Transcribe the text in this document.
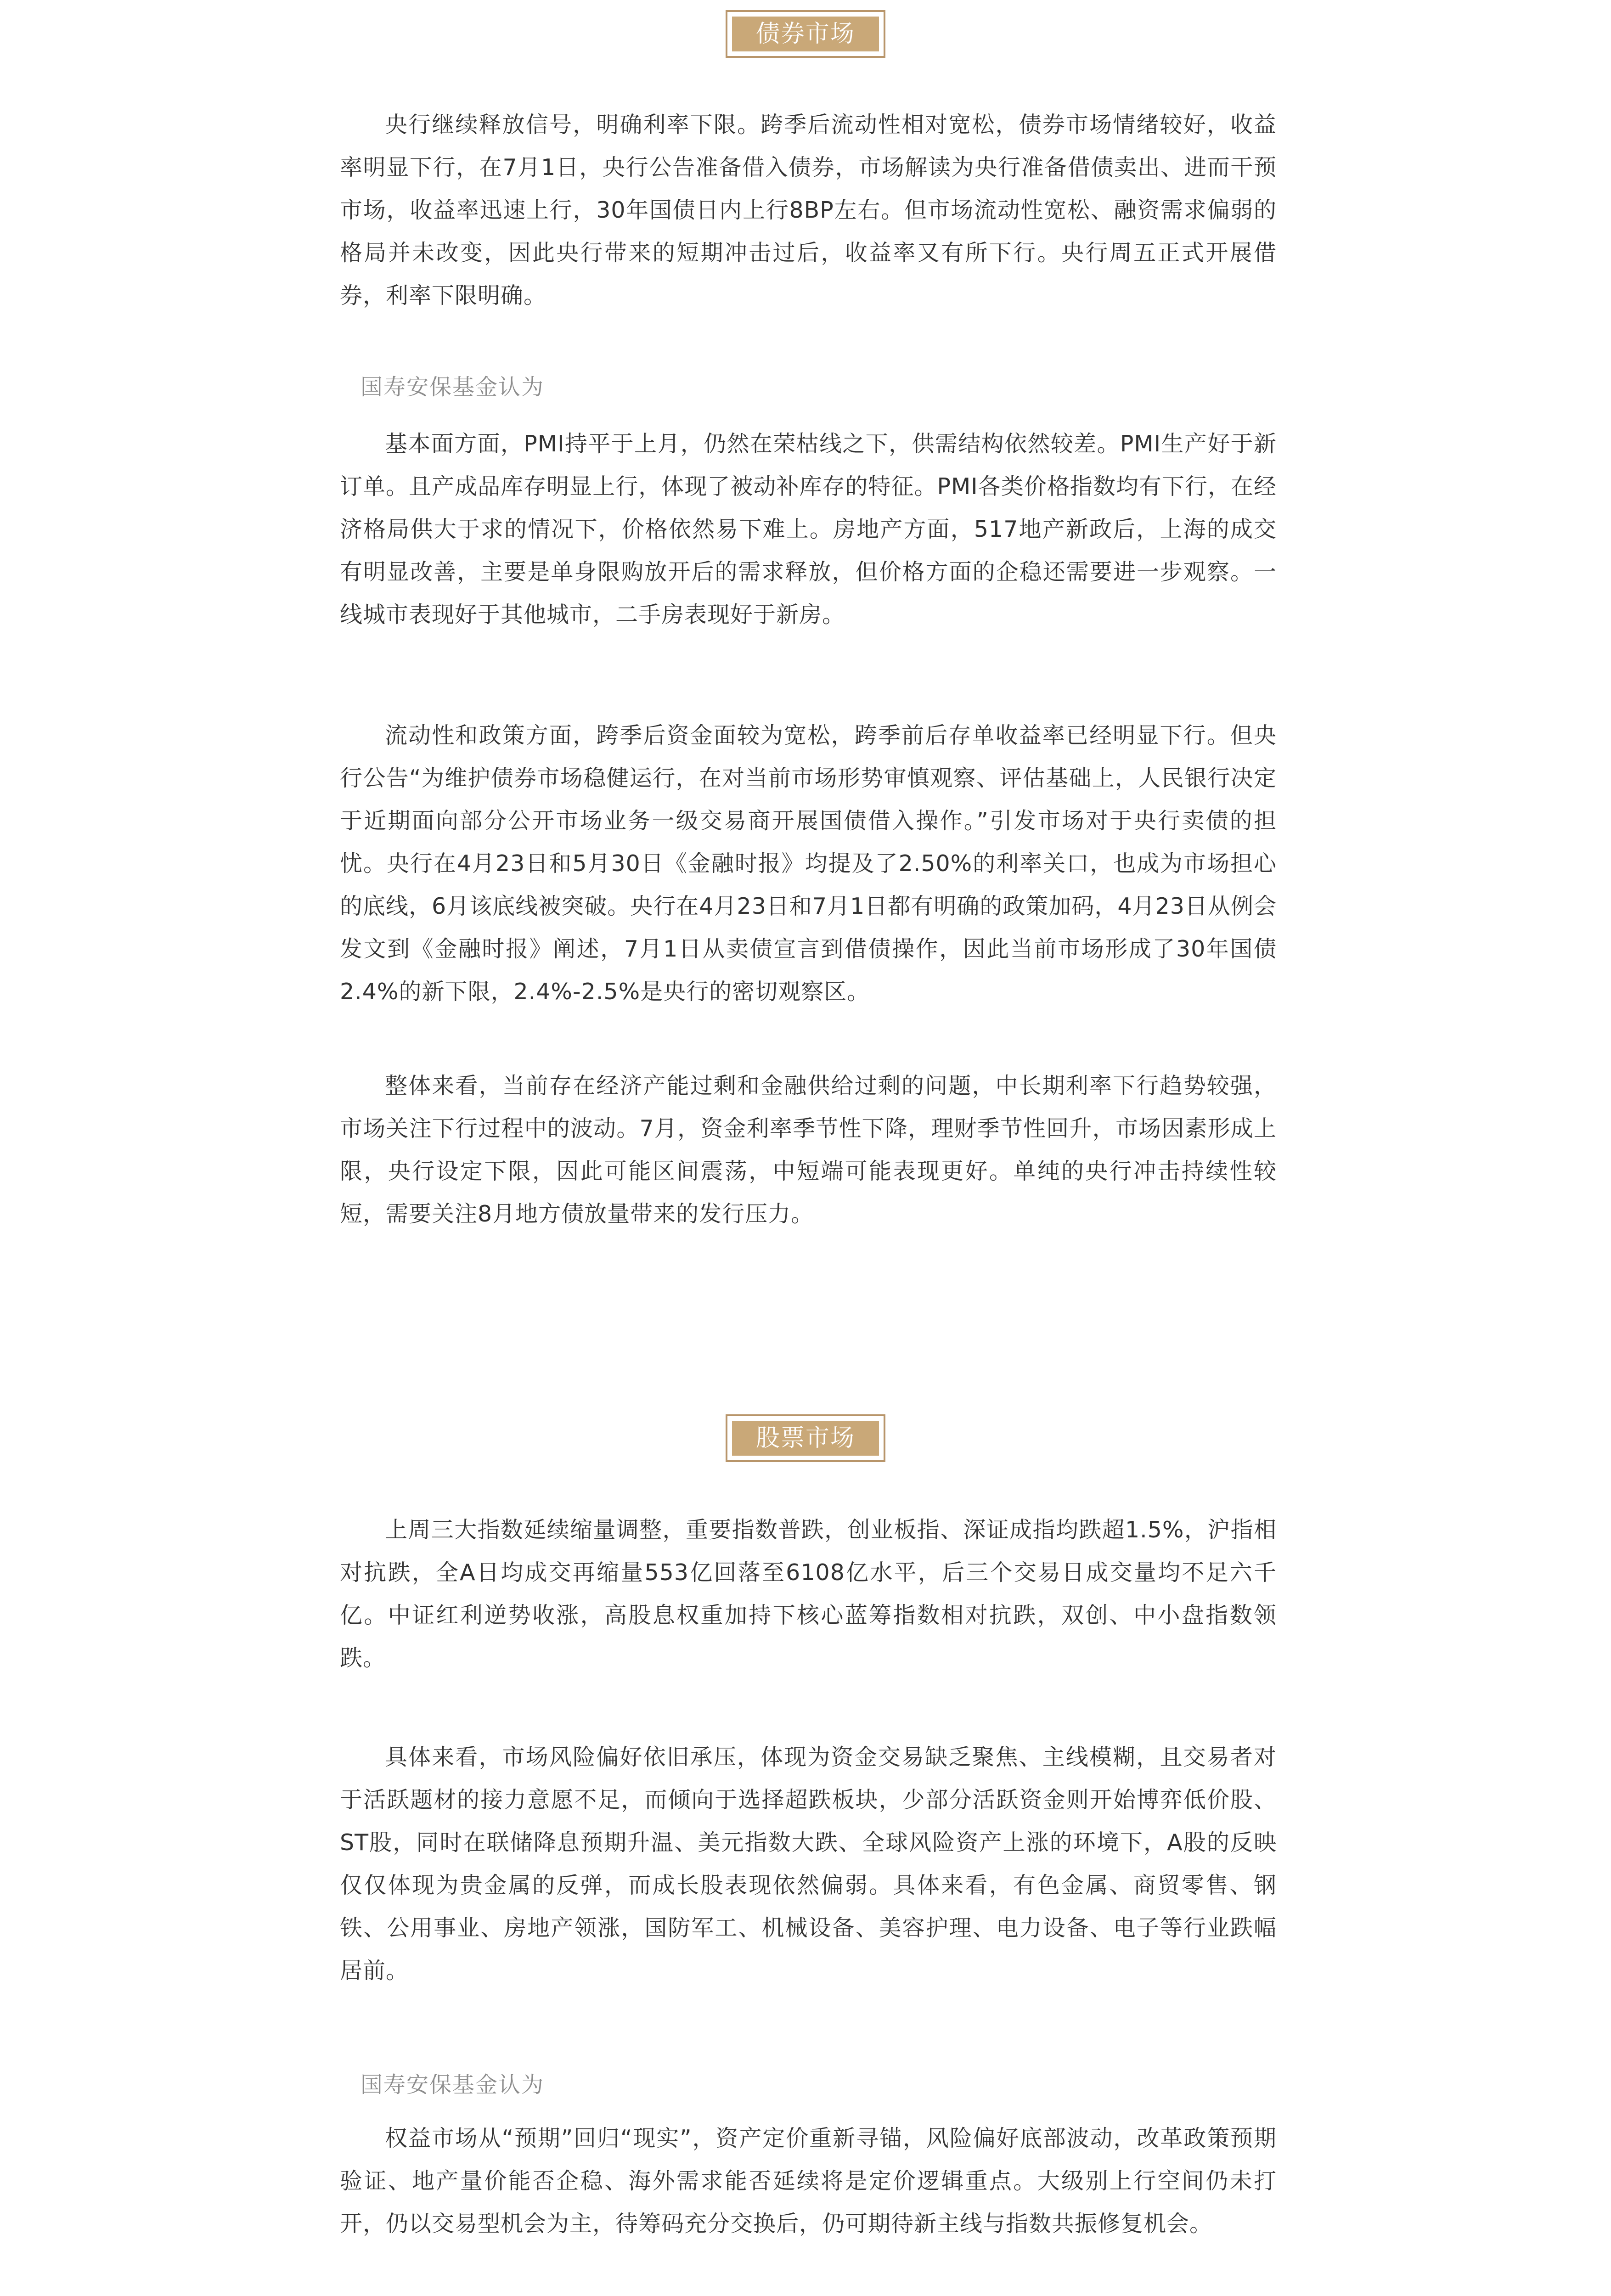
债券市场

央行继续释放信号，明确利率下限。跨季后流动性相对宽松，债券市场情绪较好，收益率明显下行，在7月1日，央行公告准备借入债券，市场解读为央行准备借债卖出、进而干预市场，收益率迅速上行，30年国债日内上行8BP左右。但市场流动性宽松、融资需求偏弱的格局并未改变，因此央行带来的短期冲击过后，收益率又有所下行。央行周五正式开展借券，利率下限明确。

国寿安保基金认为

基本面方面，PMI持平于上月，仍然在荣枯线之下，供需结构依然较差。PMI生产好于新订单。且产成品库存明显上行，体现了被动补库存的特征。PMI各类价格指数均有下行，在经济格局供大于求的情况下，价格依然易下难上。房地产方面，517地产新政后，上海的成交有明显改善，主要是单身限购放开后的需求释放，但价格方面的企稳还需要进一步观察。一线城市表现好于其他城市，二手房表现好于新房。

流动性和政策方面，跨季后资金面较为宽松，跨季前后存单收益率已经明显下行。但央行公告“为维护债券市场稳健运行，在对当前市场形势审慎观察、评估基础上，人民银行决定于近期面向部分公开市场业务一级交易商开展国债借入操作。”引发市场对于央行卖债的担忧。央行在4月23日和5月30日《金融时报》均提及了2.50%的利率关口，也成为市场担心的底线，6月该底线被突破。央行在4月23日和7月1日都有明确的政策加码，4月23日从例会发文到《金融时报》阐述，7月1日从卖债宣言到借债操作，因此当前市场形成了30年国债2.4%的新下限，2.4%-2.5%是央行的密切观察区。

整体来看，当前存在经济产能过剩和金融供给过剩的问题，中长期利率下行趋势较强，市场关注下行过程中的波动。7月，资金利率季节性下降，理财季节性回升，市场因素形成上限，央行设定下限，因此可能区间震荡，中短端可能表现更好。单纯的央行冲击持续性较短，需要关注8月地方债放量带来的发行压力。

股票市场

上周三大指数延续缩量调整，重要指数普跌，创业板指、深证成指均跌超1.5%，沪指相对抗跌，全A日均成交再缩量553亿回落至6108亿水平，后三个交易日成交量均不足六千亿。中证红利逆势收涨，高股息权重加持下核心蓝筹指数相对抗跌，双创、中小盘指数领跌。

具体来看，市场风险偏好依旧承压，体现为资金交易缺乏聚焦、主线模糊，且交易者对于活跃题材的接力意愿不足，而倾向于选择超跌板块，少部分活跃资金则开始博弈低价股、ST股，同时在联储降息预期升温、美元指数大跌、全球风险资产上涨的环境下，A股的反映仅仅体现为贵金属的反弹，而成长股表现依然偏弱。具体来看，有色金属、商贸零售、钢铁、公用事业、房地产领涨，国防军工、机械设备、美容护理、电力设备、电子等行业跌幅居前。

国寿安保基金认为

权益市场从“预期”回归“现实”，资产定价重新寻锚，风险偏好底部波动，改革政策预期验证、地产量价能否企稳、海外需求能否延续将是定价逻辑重点。大级别上行空间仍未打开，仍以交易型机会为主，待筹码充分交换后，仍可期待新主线与指数共振修复机会。
